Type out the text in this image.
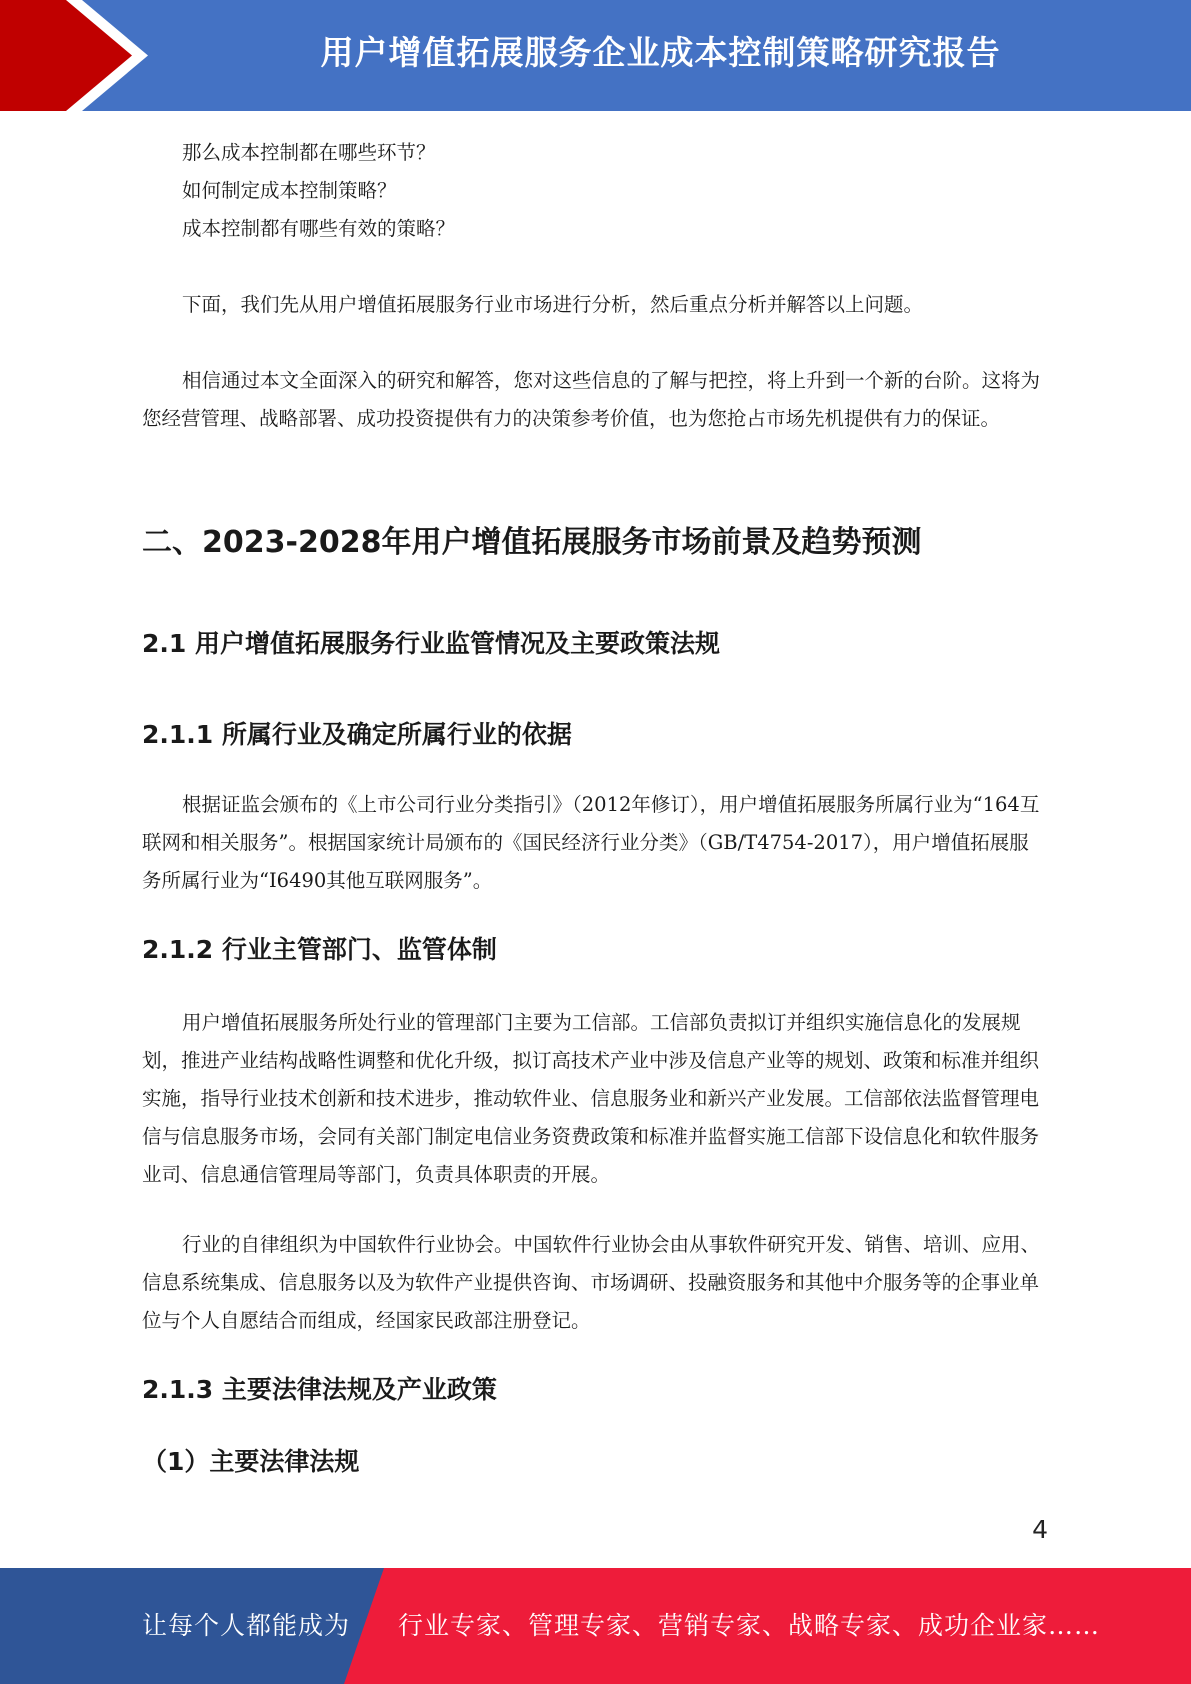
用户增值拓展服务企业成本控制策略研究报告

那么成本控制都在哪些环节？

如何制定成本控制策略？

成本控制都有哪些有效的策略？

下面，我们先从用户增值拓展服务行业市场进行分析，然后重点分析并解答以上问题。

相信通过本文全面深入的研究和解答，您对这些信息的了解与把控，将上升到一个新的台阶。这将为您经营管理、战略部署、成功投资提供有力的决策参考价值，也为您抢占市场先机提供有力的保证。

二、2023-2028年用户增值拓展服务市场前景及趋势预测
2.1 用户增值拓展服务行业监管情况及主要政策法规
2.1.1 所属行业及确定所属行业的依据

根据证监会颁布的《上市公司行业分类指引》（2012年修订），用户增值拓展服务所属行业为“164互联网和相关服务”。根据国家统计局颁布的《国民经济行业分类》（GB/T4754-2017），用户增值拓展服务所属行业为“I6490其他互联网服务”。

2.1.2 行业主管部门、监管体制

用户增值拓展服务所处行业的管理部门主要为工信部。工信部负责拟订并组织实施信息化的发展规划，推进产业结构战略性调整和优化升级，拟订高技术产业中涉及信息产业等的规划、政策和标准并组织实施，指导行业技术创新和技术进步，推动软件业、信息服务业和新兴产业发展。工信部依法监督管理电信与信息服务市场，会同有关部门制定电信业务资费政策和标准并监督实施工信部下设信息化和软件服务业司、信息通信管理局等部门，负责具体职责的开展。

行业的自律组织为中国软件行业协会。中国软件行业协会由从事软件研究开发、销售、培训、应用、信息系统集成、信息服务以及为软件产业提供咨询、市场调研、投融资服务和其他中介服务等的企事业单位与个人自愿结合而组成，经国家民政部注册登记。

2.1.3 主要法律法规及产业政策
（1）主要法律法规
4
让每个人都能成为 行业专家、管理专家、营销专家、战略专家、成功企业家……
